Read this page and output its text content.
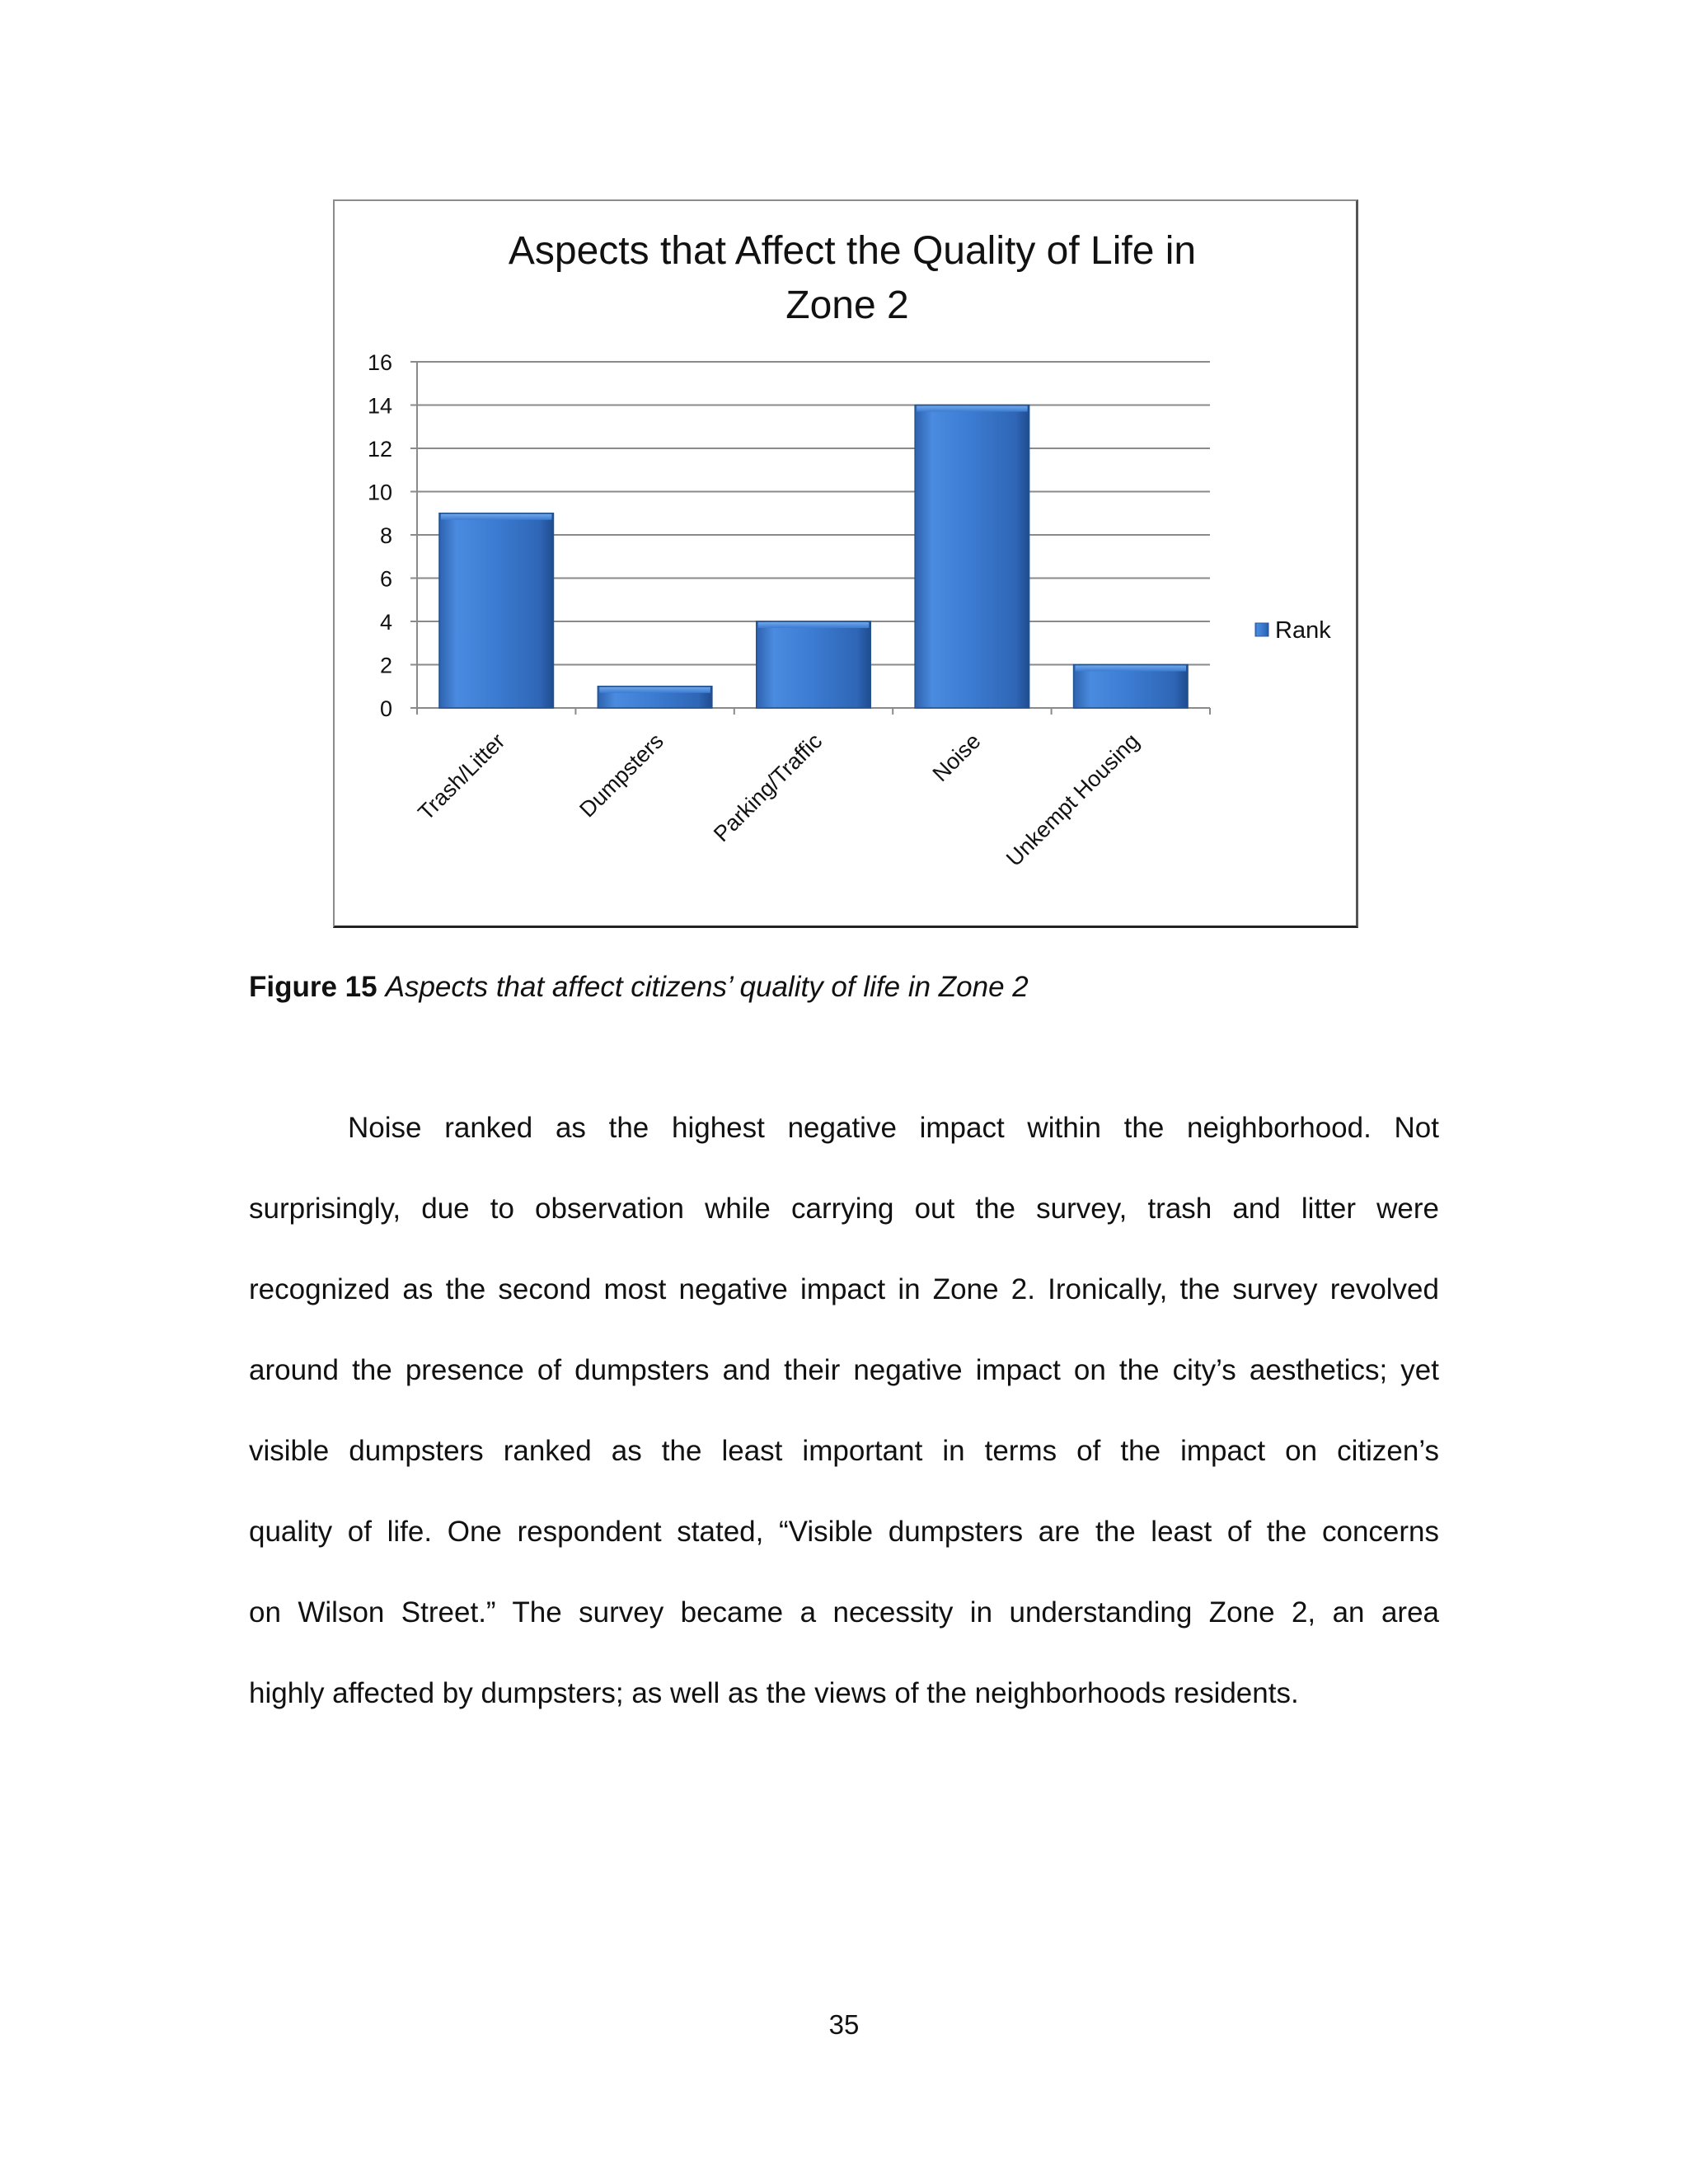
Aspects that Affect the Quality of Life in
Zone 2
0
2
4
6
8
10
12
14
16
Trash/Litter	Dumpsters Parking/Traffic	Noise Unkempt Housing
Rank
Figure 15 Aspects that affect citizens’ quality of life in Zone 2
Noise ranked as the highest negative impact within the neighborhood. Not
surprisingly, due to observation while carrying out the survey, trash and litter were
recognized as the second most negative impact in Zone 2. Ironically, the survey revolved
around the presence of dumpsters and their negative impact on the city’s aesthetics; yet
visible dumpsters ranked as the least important in terms of the impact on citizen’s
quality of life. One respondent stated, “Visible dumpsters are the least of the concerns
on Wilson Street.” The survey became a necessity in understanding Zone 2, an area
highly affected by dumpsters; as well as the views of the neighborhoods residents.
35
